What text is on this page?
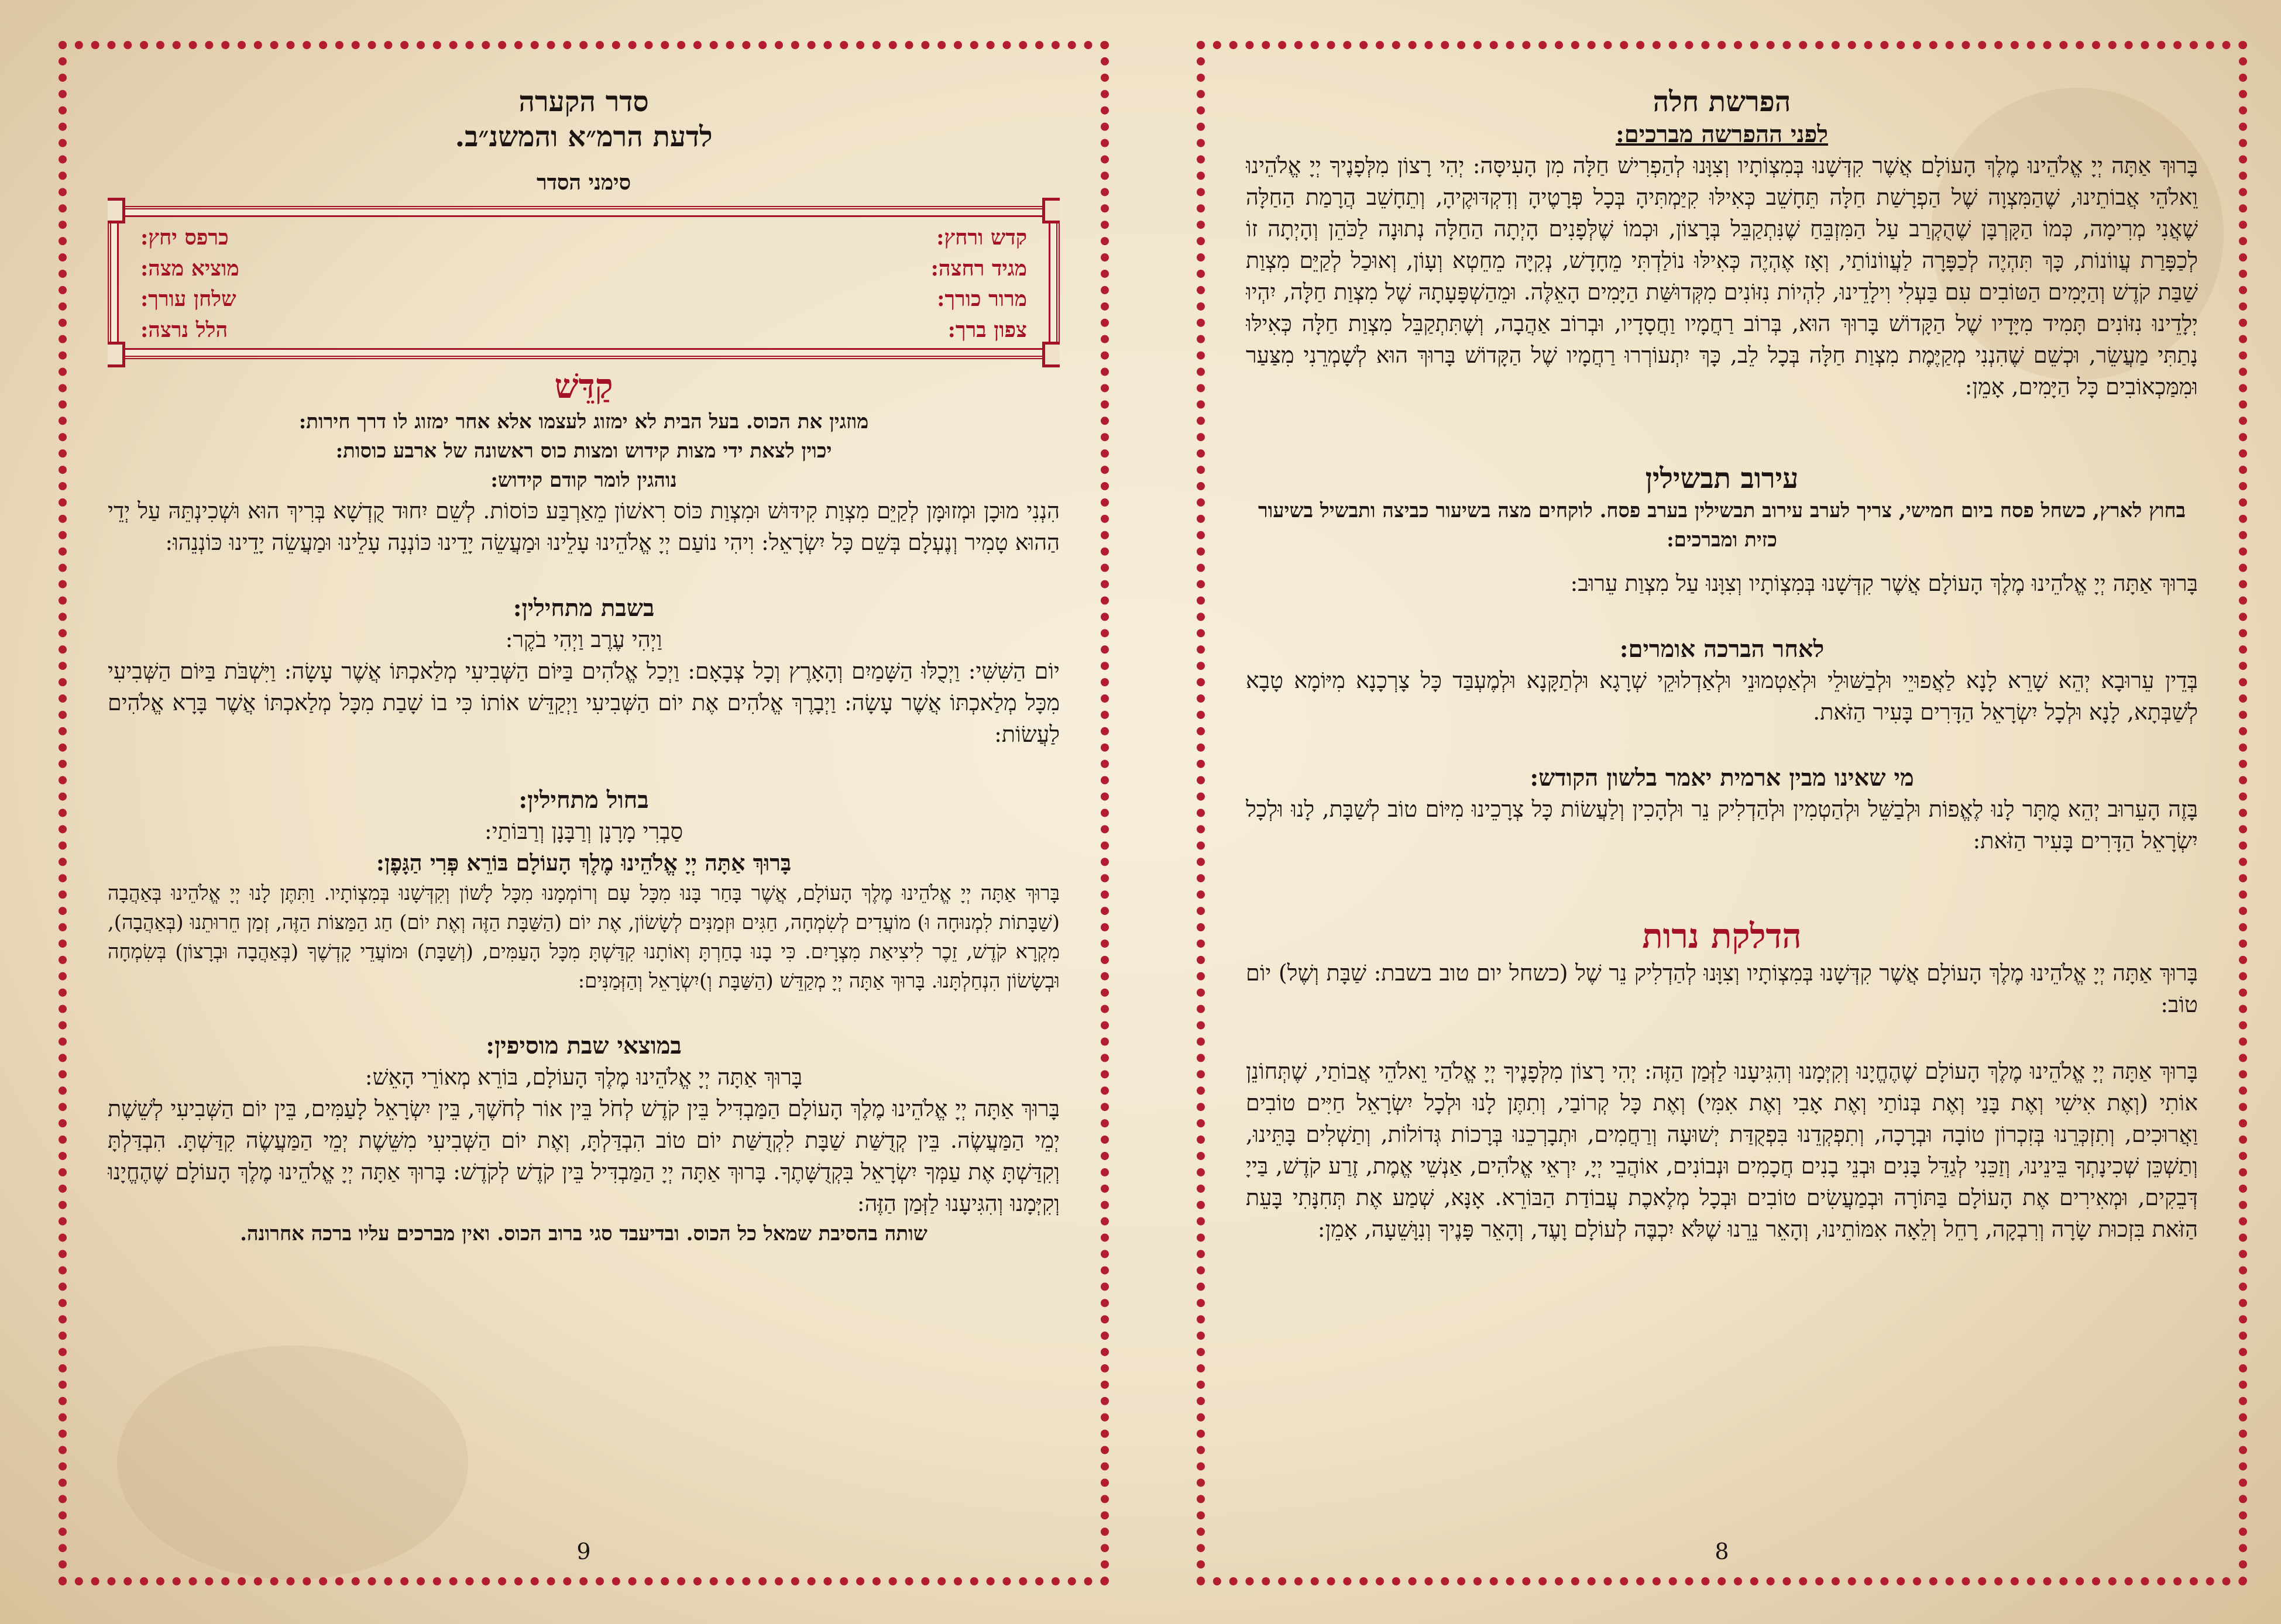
הפרשת חלה
לפני ההפרשה מברכים:

בָּרוּךְ אַתָּה יְיָ אֱלֹהֵינוּ מֶלֶךְ הָעוֹלָם אֲשֶׁר קִדְּשָׁנוּ בְּמִצְוֹתָיו וְצִוָּנוּ לְהַפְרִישׁ חַלָּה מִן הָעִיסָּה: יְהִי רָצוֹן מִלְּפָנֶיךָ יְיָ אֱלֹהֵינוּ וֵאלֹהֵי אֲבוֹתֵינוּ, שֶׁהַמִּצְוָה שֶׁל הַפְרָשַׁת חַלָּה תֵּחָשֵׁב כְּאִילּוּ קִיַּמְתִּיהָ בְּכָל פְּרָטֶיהָ וְדִקְדּוּקֶיהָ, וְתֵחָשֵׁב הֲרָמַת הַחַלָּה שֶׁאֲנִי מְרִימָה, כְּמוֹ הַקָּרְבָּן שֶׁהֻקְרַב עַל הַמִּזְבֵּחַ שֶׁנִּתְקַבֵּל בְּרָצוֹן, וּכְמוֹ שֶׁלְּפָנִים הָיְתָה הַחַלָּה נְתוּנָה לַכֹּהֵן וְהָיְתָה זוֹ לְכַפָּרַת עֲווֹנוֹת, כָּךְ תִּהְיֶה לְכַפָּרָה לַעֲווֹנוֹתַי, וְאָז אֶהְיֶה כְּאִילּוּ נוֹלַדְתִּי מֵחָדָשׁ, נְקִיָּה מֵחֵטְא וְעָוֹן, וְאוּכַל לְקַיֵּם מִצְוַת שַׁבַּת קֹדֶשׁ וְהַיָּמִים הַטּוֹבִים עִם בַּעְלִי וִילָדֵינוּ, לִהְיוֹת נִזּוֹנִים מִקְּדוּשַּׁת הַיָּמִים הָאֵלֶּה. וּמֵהַשְׁפָּעָתָהּ שֶׁל מִצְוַת חַלָּה, יִהְיוּ יְלָדֵינוּ נִזּוֹנִים תָּמִיד מִיָּדָיו שֶׁל הַקָּדוֹשׁ בָּרוּךְ הוּא, בְּרוֹב רַחֲמָיו וַחֲסָדָיו, וּבְרוֹב אַהֲבָה, וְשֶׁתִּתְקַבֵּל מִצְוַת חַלָּה כְּאִילּוּ נָתַתִּי מַעֲשֵׂר, וּכְשֵׁם שֶׁהִנְנִי מְקַיֶּמֶת מִצְוַת חַלָּה בְּכָל לֵב, כָּךְ יִתְעוֹרְרוּ רַחֲמָיו שֶׁל הַקָּדוֹשׁ בָּרוּךְ הוּא לְשָׁמְרֵנִי מִצַּעַר וּמִמַּכְאוֹבִים כָּל הַיָּמִים, אָמֵן:

עירוב תבשילין

בחוץ לארץ, כשחל פסח ביום חמישי, צריך לערב עירוב תבשילין בערב פסח. לוקחים מצה בשיעור כביצה ותבשיל בשיעור כזית ומברכים:

בָּרוּךְ אַתָּה יְיָ אֱלֹהֵינוּ מֶלֶךְ הָעוֹלָם אֲשֶׁר קִדְּשָׁנוּ בְּמִצְוֹתָיו וְצִוָּנוּ עַל מִצְוַת עֵרוּב:

לאחר הברכה אומרים:

בְּדֵין עֵרוּבָא יְהֵא שָׁרֵא לָנָא לַאֲפוּיֵי וּלְבַשּׁוּלֵי וּלְאַטְמוּנֵי וּלְאַדְלוּקֵי שְׁרָגָא וּלְתַקָּנָא וּלְמֶעְבַּד כָּל צָרְכָנָא מִיּוֹמָא טָבָא לְשַׁבְּתָא, לָנָא וּלְכָל יִשְׂרָאֵל הַדָּרִים בָּעִיר הַזֹּאת.

מי שאינו מבין ארמית יאמר בלשון הקודש:

בָּזֶה הָעֵרוּב יְהֵא מֻתָּר לָנוּ לֶאֱפוֹת וּלְבַשֵּׁל וּלְהַטְמִין וּלְהַדְלִיק נֵר וּלְהָכִין וְלַעֲשׂוֹת כָּל צְרָכֵינוּ מִיּוֹם טוֹב לְשַׁבָּת, לָנוּ וּלְכָל יִשְׂרָאֵל הַדָּרִים בָּעִיר הַזֹּאת:

הדלקת נרות

בָּרוּךְ אַתָּה יְיָ אֱלֹהֵינוּ מֶלֶךְ הָעוֹלָם אֲשֶׁר קִדְּשָׁנוּ בְּמִצְוֹתָיו וְצִוָּנוּ לְהַדְלִיק נֵר שֶׁל (כשחל יום טוב בשבת: שַׁבָּת וְשֶׁל) יוֹם טוֹב:

בָּרוּךְ אַתָּה יְיָ אֱלֹהֵינוּ מֶלֶךְ הָעוֹלָם שֶׁהֶחֱיָנוּ וְקִיְּמָנוּ וְהִגִּיעָנוּ לַזְּמַן הַזֶּה: יְהִי רָצוֹן מִלְּפָנֶיךָ יְיָ אֱלֹהַי וֵאלֹהֵי אֲבוֹתַי, שֶׁתְּחוֹנֵן אוֹתִי (וְאֶת אִישִׁי וְאֶת בָּנַי וְאֶת בְּנוֹתַי וְאֶת אָבִי וְאֶת אִמִּי) וְאֶת כָּל קְרוֹבַי, וְתִתֶּן לָנוּ וּלְכָל יִשְׂרָאֵל חַיִּים טוֹבִים וַאֲרוּכִים, וְתִזְכְּרֵנוּ בְּזִכְרוֹן טוֹבָה וּבְרָכָה, וְתִפְקְדֵנוּ בִּפְקֻדַּת יְשׁוּעָה וְרַחֲמִים, וּתְבָרְכֵנוּ בְּרָכוֹת גְּדוֹלוֹת, וְתַשְׁלִים בָּתֵּינוּ, וְתַשְׁכֵּן שְׁכִינָתְךָ בֵּינֵינוּ, וְזַכֵּנִי לְגַדֵּל בָּנִים וּבְנֵי בָנִים חֲכָמִים וּנְבוֹנִים, אוֹהֲבֵי יְיָ, יִרְאֵי אֱלֹהִים, אַנְשֵׁי אֱמֶת, זֶרַע קֹדֶשׁ, בַּייָ דְּבֵקִים, וּמְאִירִים אֶת הָעוֹלָם בַּתּוֹרָה וּבְמַעֲשִׂים טוֹבִים וּבְכָל מְלֶאכֶת עֲבוֹדַת הַבּוֹרֵא. אָנָּא, שְׁמַע אֶת תְּחִנָּתִי בָּעֵת הַזֹּאת בִּזְכוּת שָׂרָה וְרִבְקָה, רָחֵל וְלֵאָה אִמּוֹתֵינוּ, וְהָאֵר נֵרֵנוּ שֶׁלֹּא יִכְבֶּה לְעוֹלָם וָעֶד, וְהָאֵר פָּנֶיךָ וְנִוָּשֵׁעָה, אָמֵן:

8
סדר הקערה
לדעת הרמ״א והמשנ״ב.
סימני הסדר
קדש ורחץ:
כרפס יחץ:
מגיד רחצה:
מוציא מצה:
מרור כורך:
שלחן עורך:
צפון ברך:
הלל נרצה:
קַדֵּשׁ

מוזגין את הכוס. בעל הבית לא ימזוג לעצמו אלא אחר ימזוג לו דרך חירות:

יכוין לצאת ידי מצות קידוש ומצות כוס ראשונה של ארבע כוסות:

נוהגין לומר קודם קידוש:

הִנְנִי מוּכָן וּמְזוּמָּן לְקַיֵּם מִצְוַת קִידּוּשׁ וּמִצְוַת כּוֹס רִאשׁוֹן מֵאַרְבַּע כּוֹסוֹת. לְשֵׁם יִחוּד קֻדְשָׁא בְּרִיךְ הוּא וּשְׁכִינְתֵּהּ עַל יְדֵי הַהוּא טָמִיר וְנֶעְלָם בְּשֵׁם כָּל יִשְׂרָאֵל: וִיהִי נוֹעַם יְיָ אֱלֹהֵינוּ עָלֵינוּ וּמַעֲשֵׂה יָדֵינוּ כּוֹנְנָה עָלֵינוּ וּמַעֲשֵׂה יָדֵינוּ כּוֹנְנֵהוּ:

בשבת מתחילין:

וַיְהִי עֶרֶב וַיְהִי בֹקֶר:

יוֹם הַשִּׁשִּׁי: וַיְכֻלּוּ הַשָּׁמַיִם וְהָאָרֶץ וְכָל צְבָאָם: וַיְכַל אֱלֹהִים בַּיּוֹם הַשְּׁבִיעִי מְלַאכְתּוֹ אֲשֶׁר עָשָׂה: וַיִּשְׁבֹּת בַּיּוֹם הַשְּׁבִיעִי מִכָּל מְלַאכְתּוֹ אֲשֶׁר עָשָׂה: וַיְבָרֶךְ אֱלֹהִים אֶת יוֹם הַשְּׁבִיעִי וַיְקַדֵּשׁ אוֹתוֹ כִּי בוֹ שָׁבַת מִכָּל מְלַאכְתּוֹ אֲשֶׁר בָּרָא אֱלֹהִים לַעֲשׂוֹת:

בחול מתחילין:

סַבְרִי מָרָנָן וְרַבָּנָן וְרַבּוֹתַי:

בָּרוּךְ אַתָּה יְיָ אֱלֹהֵינוּ מֶלֶךְ הָעוֹלָם בּוֹרֵא פְּרִי הַגָּפֶן:

בָּרוּךְ אַתָּה יְיָ אֱלֹהֵינוּ מֶלֶךְ הָעוֹלָם, אֲשֶׁר בָּחַר בָּנוּ מִכָּל עָם וְרוֹמְמָנוּ מִכָּל לָשׁוֹן וְקִדְּשָׁנוּ בְּמִצְוֹתָיו. וַתִּתֶּן לָנוּ יְיָ אֱלֹהֵינוּ בְּאַהֲבָה (שַׁבָּתוֹת לִמְנוּחָה וּ) מוֹעֲדִים לְשִׂמְחָה, חַגִּים וּזְמַנִּים לְשָׂשׂוֹן, אֶת יוֹם (הַשַּׁבָּת הַזֶּה וְאֶת יוֹם) חַג הַמַּצּוֹת הַזֶּה, זְמַן חֵרוּתֵנוּ (בְּאַהֲבָה), מִקְרָא קֹדֶשׁ, זֵכֶר לִיצִיאַת מִצְרָיִם. כִּי בָנוּ בָחַרְתָּ וְאוֹתָנוּ קִדַּשְׁתָּ מִכָּל הָעַמִּים, (וְשַׁבָּת) וּמוֹעֲדֵי קָדְשֶׁךָ (בְּאַהֲבָה וּבְרָצוֹן) בְּשִׂמְחָה וּבְשָׂשׂוֹן הִנְחַלְתָּנוּ. בָּרוּךְ אַתָּה יְיָ מְקַדֵּשׁ (הַשַּׁבָּת וְ)יִשְׂרָאֵל וְהַזְּמַנִּים:

במוצאי שבת מוסיפין:

בָּרוּךְ אַתָּה יְיָ אֱלֹהֵינוּ מֶלֶךְ הָעוֹלָם, בּוֹרֵא מְאוֹרֵי הָאֵשׁ:

בָּרוּךְ אַתָּה יְיָ אֱלֹהֵינוּ מֶלֶךְ הָעוֹלָם הַמַּבְדִּיל בֵּין קֹדֶשׁ לְחֹל בֵּין אוֹר לְחֹשֶׁךְ, בֵּין יִשְׂרָאֵל לָעַמִּים, בֵּין יוֹם הַשְּׁבִיעִי לְשֵׁשֶׁת יְמֵי הַמַּעֲשֶׂה. בֵּין קְדֻשַּׁת שַׁבָּת לִקְדֻשַּׁת יוֹם טוֹב הִבְדַּלְתָּ, וְאֶת יוֹם הַשְּׁבִיעִי מִשֵּׁשֶׁת יְמֵי הַמַּעֲשֶׂה קִדַּשְׁתָּ. הִבְדַּלְתָּ וְקִדַּשְׁתָּ אֶת עַמְּךָ יִשְׂרָאֵל בִּקְדֻשָּׁתֶךָ. בָּרוּךְ אַתָּה יְיָ הַמַּבְדִּיל בֵּין קֹדֶשׁ לְקֹדֶשׁ: בָּרוּךְ אַתָּה יְיָ אֱלֹהֵינוּ מֶלֶךְ הָעוֹלָם שֶׁהֶחֱיָנוּ וְקִיְּמָנוּ וְהִגִּיעָנוּ לַזְּמַן הַזֶּה:

שותה בהסיבת שמאל כל הכוס. ובדיעבד סגי ברוב הכוס. ואין מברכים עליו ברכה אחרונה.

9
